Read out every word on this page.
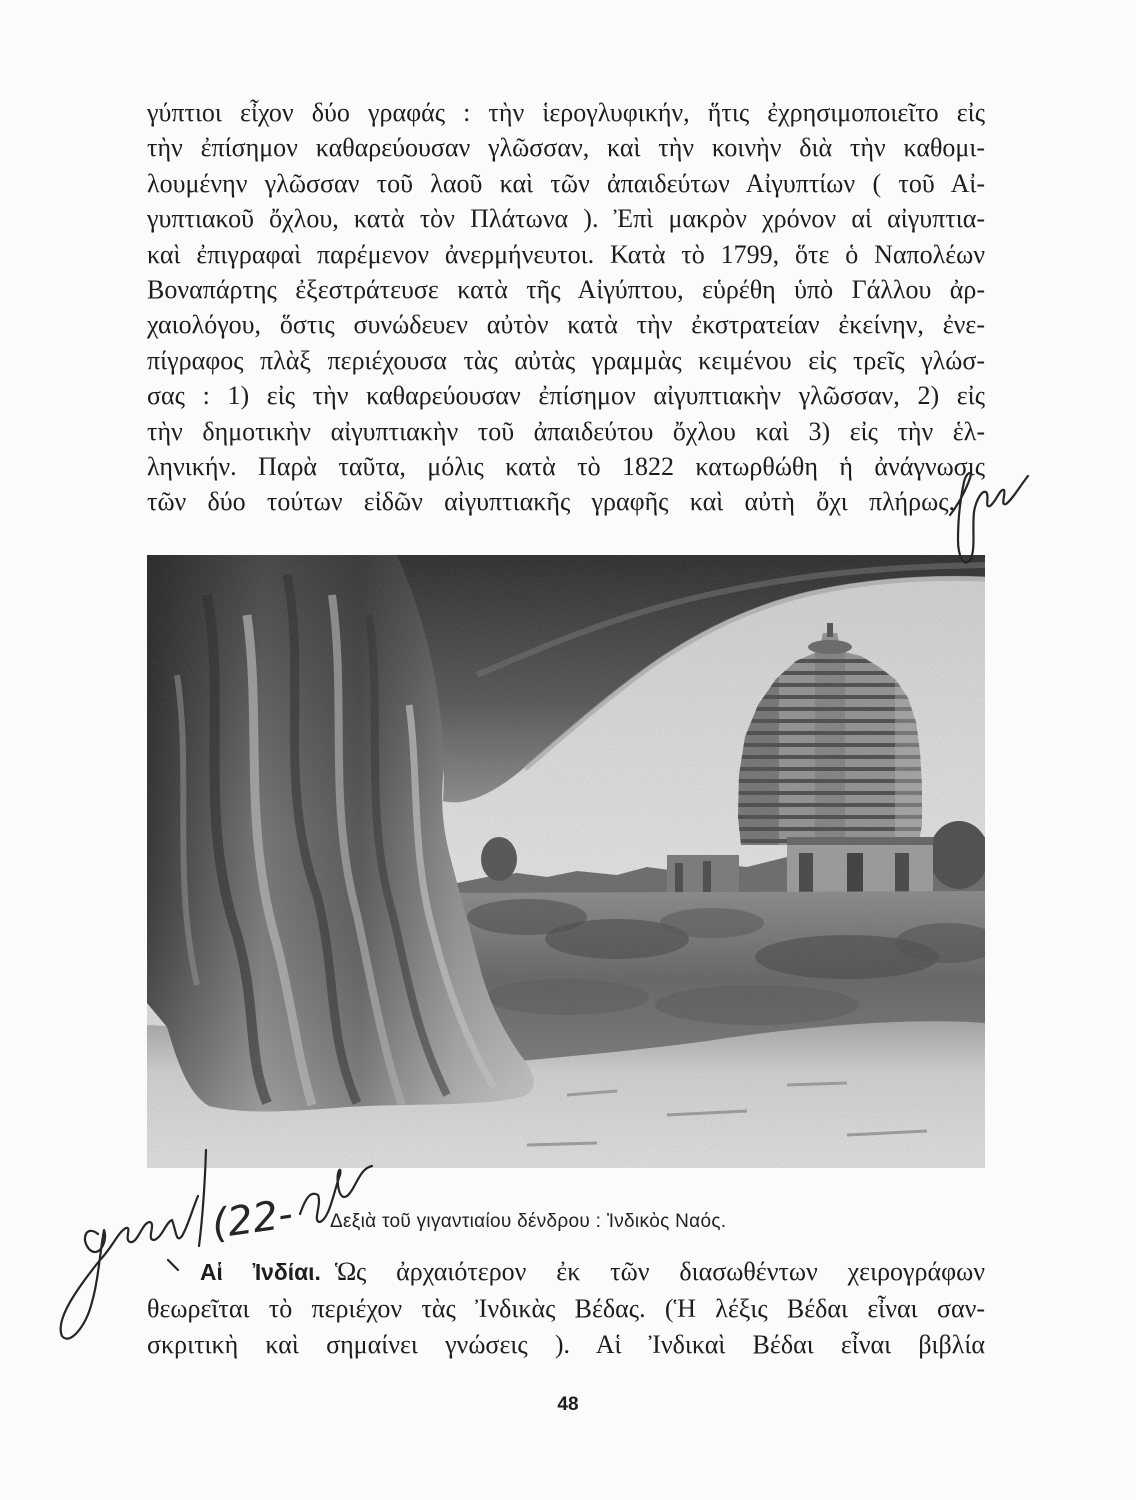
γύπτιοι εἶχον δύο γραφάς : τὴν ἱερογλυφικήν, ἥτις ἐχρησιμοποιεῖτο εἰς
τὴν ἐπίσημον καθαρεύουσαν γλῶσσαν, καὶ τὴν κοινὴν διὰ τὴν καθομι-
λουμένην γλῶσσαν τοῦ λαοῦ καὶ τῶν ἀπαιδεύτων Αἰγυπτίων ( τοῦ Αἰ-
γυπτιακοῦ ὄχλου, κατὰ τὸν Πλάτωνα ). Ἐπὶ μακρὸν χρόνον αἱ αἰγυπτια-
καὶ ἐπιγραφαὶ παρέμενον ἀνερμήνευτοι. Κατὰ τὸ 1799, ὅτε ὁ Ναπολέων
Βοναπάρτης ἐξεστράτευσε κατὰ τῆς Αἰγύπτου, εὑρέθη ὑπὸ Γάλλου ἀρ-
χαιολόγου, ὅστις συνώδευεν αὐτὸν κατὰ τὴν ἐκστρατείαν ἐκείνην, ἐνε-
πίγραφος πλὰξ περιέχουσα τὰς αὐτὰς γραμμὰς κειμένου εἰς τρεῖς γλώσ-
σας : 1) εἰς τὴν καθαρεύουσαν ἐπίσημον αἰγυπτιακὴν γλῶσσαν, 2) εἰς
τὴν δημοτικὴν αἰγυπτιακὴν τοῦ ἀπαιδεύτου ὄχλου καὶ 3) εἰς τὴν ἑλ-
ληνικήν. Παρὰ ταῦτα, μόλις κατὰ τὸ 1822 κατωρθώθη ἡ ἀνάγνωσις
τῶν δύο τούτων εἰδῶν αἰγυπτιακῆς γραφῆς καὶ αὐτὴ ὄχι πλήρως.
Δεξιὰ τοῦ γιγαντιαίου δένδρου : Ἰνδικὸς Ναός.
Αἱ Ἰνδίαι. Ὡς ἀρχαιότερον ἐκ τῶν διασωθέντων χειρογράφων
θεωρεῖται τὸ περιέχον τὰς Ἰνδικὰς Βέδας. (Ἡ λέξις Βέδαι εἶναι σαν-
σκριτικὴ καὶ σημαίνει γνώσεις ). Αἱ Ἰνδικαὶ Βέδαι εἶναι βιβλία
48
(22-
